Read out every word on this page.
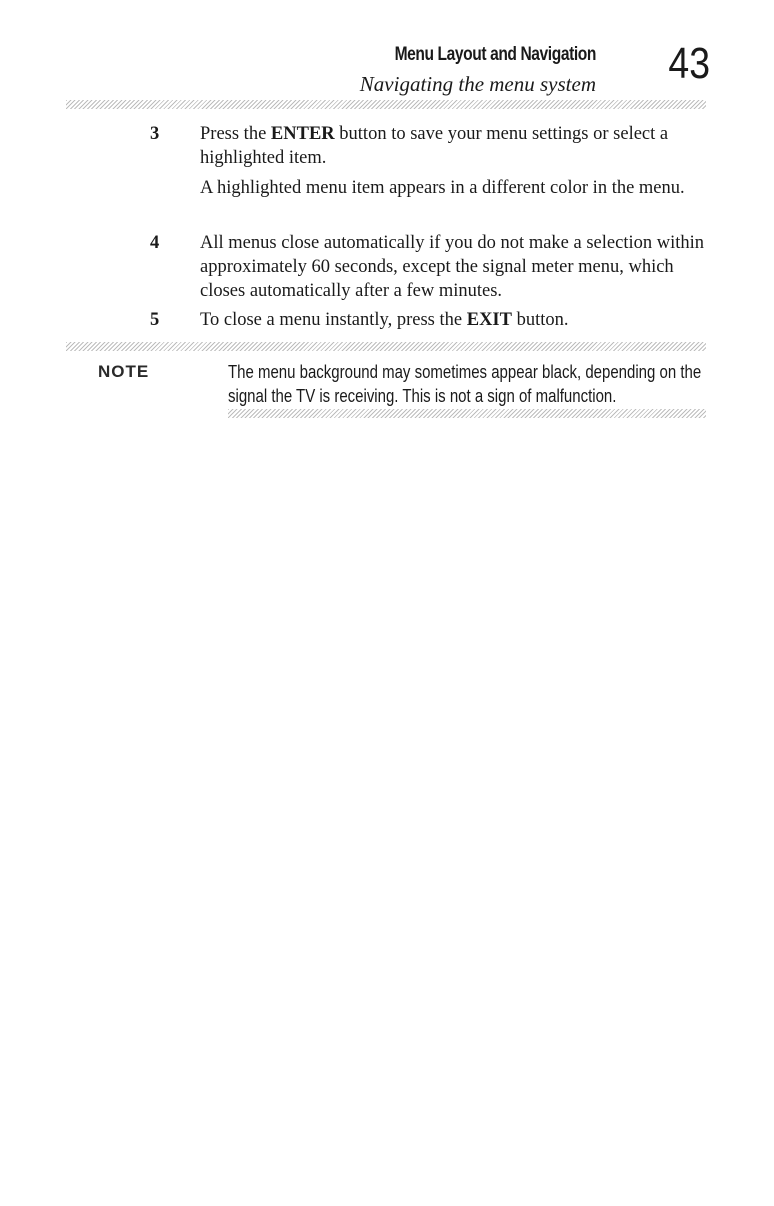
Menu Layout and Navigation
Navigating the menu system	43
3	Press the ENTER button to save your menu settings or select a highlighted item.
A highlighted menu item appears in a different color in the menu.
4	All menus close automatically if you do not make a selection within approximately 60 seconds, except the signal meter menu, which closes automatically after a few minutes.
5	To close a menu instantly, press the EXIT button.
NOTE	The menu background may sometimes appear black, depending on the signal the TV is receiving. This is not a sign of malfunction.
